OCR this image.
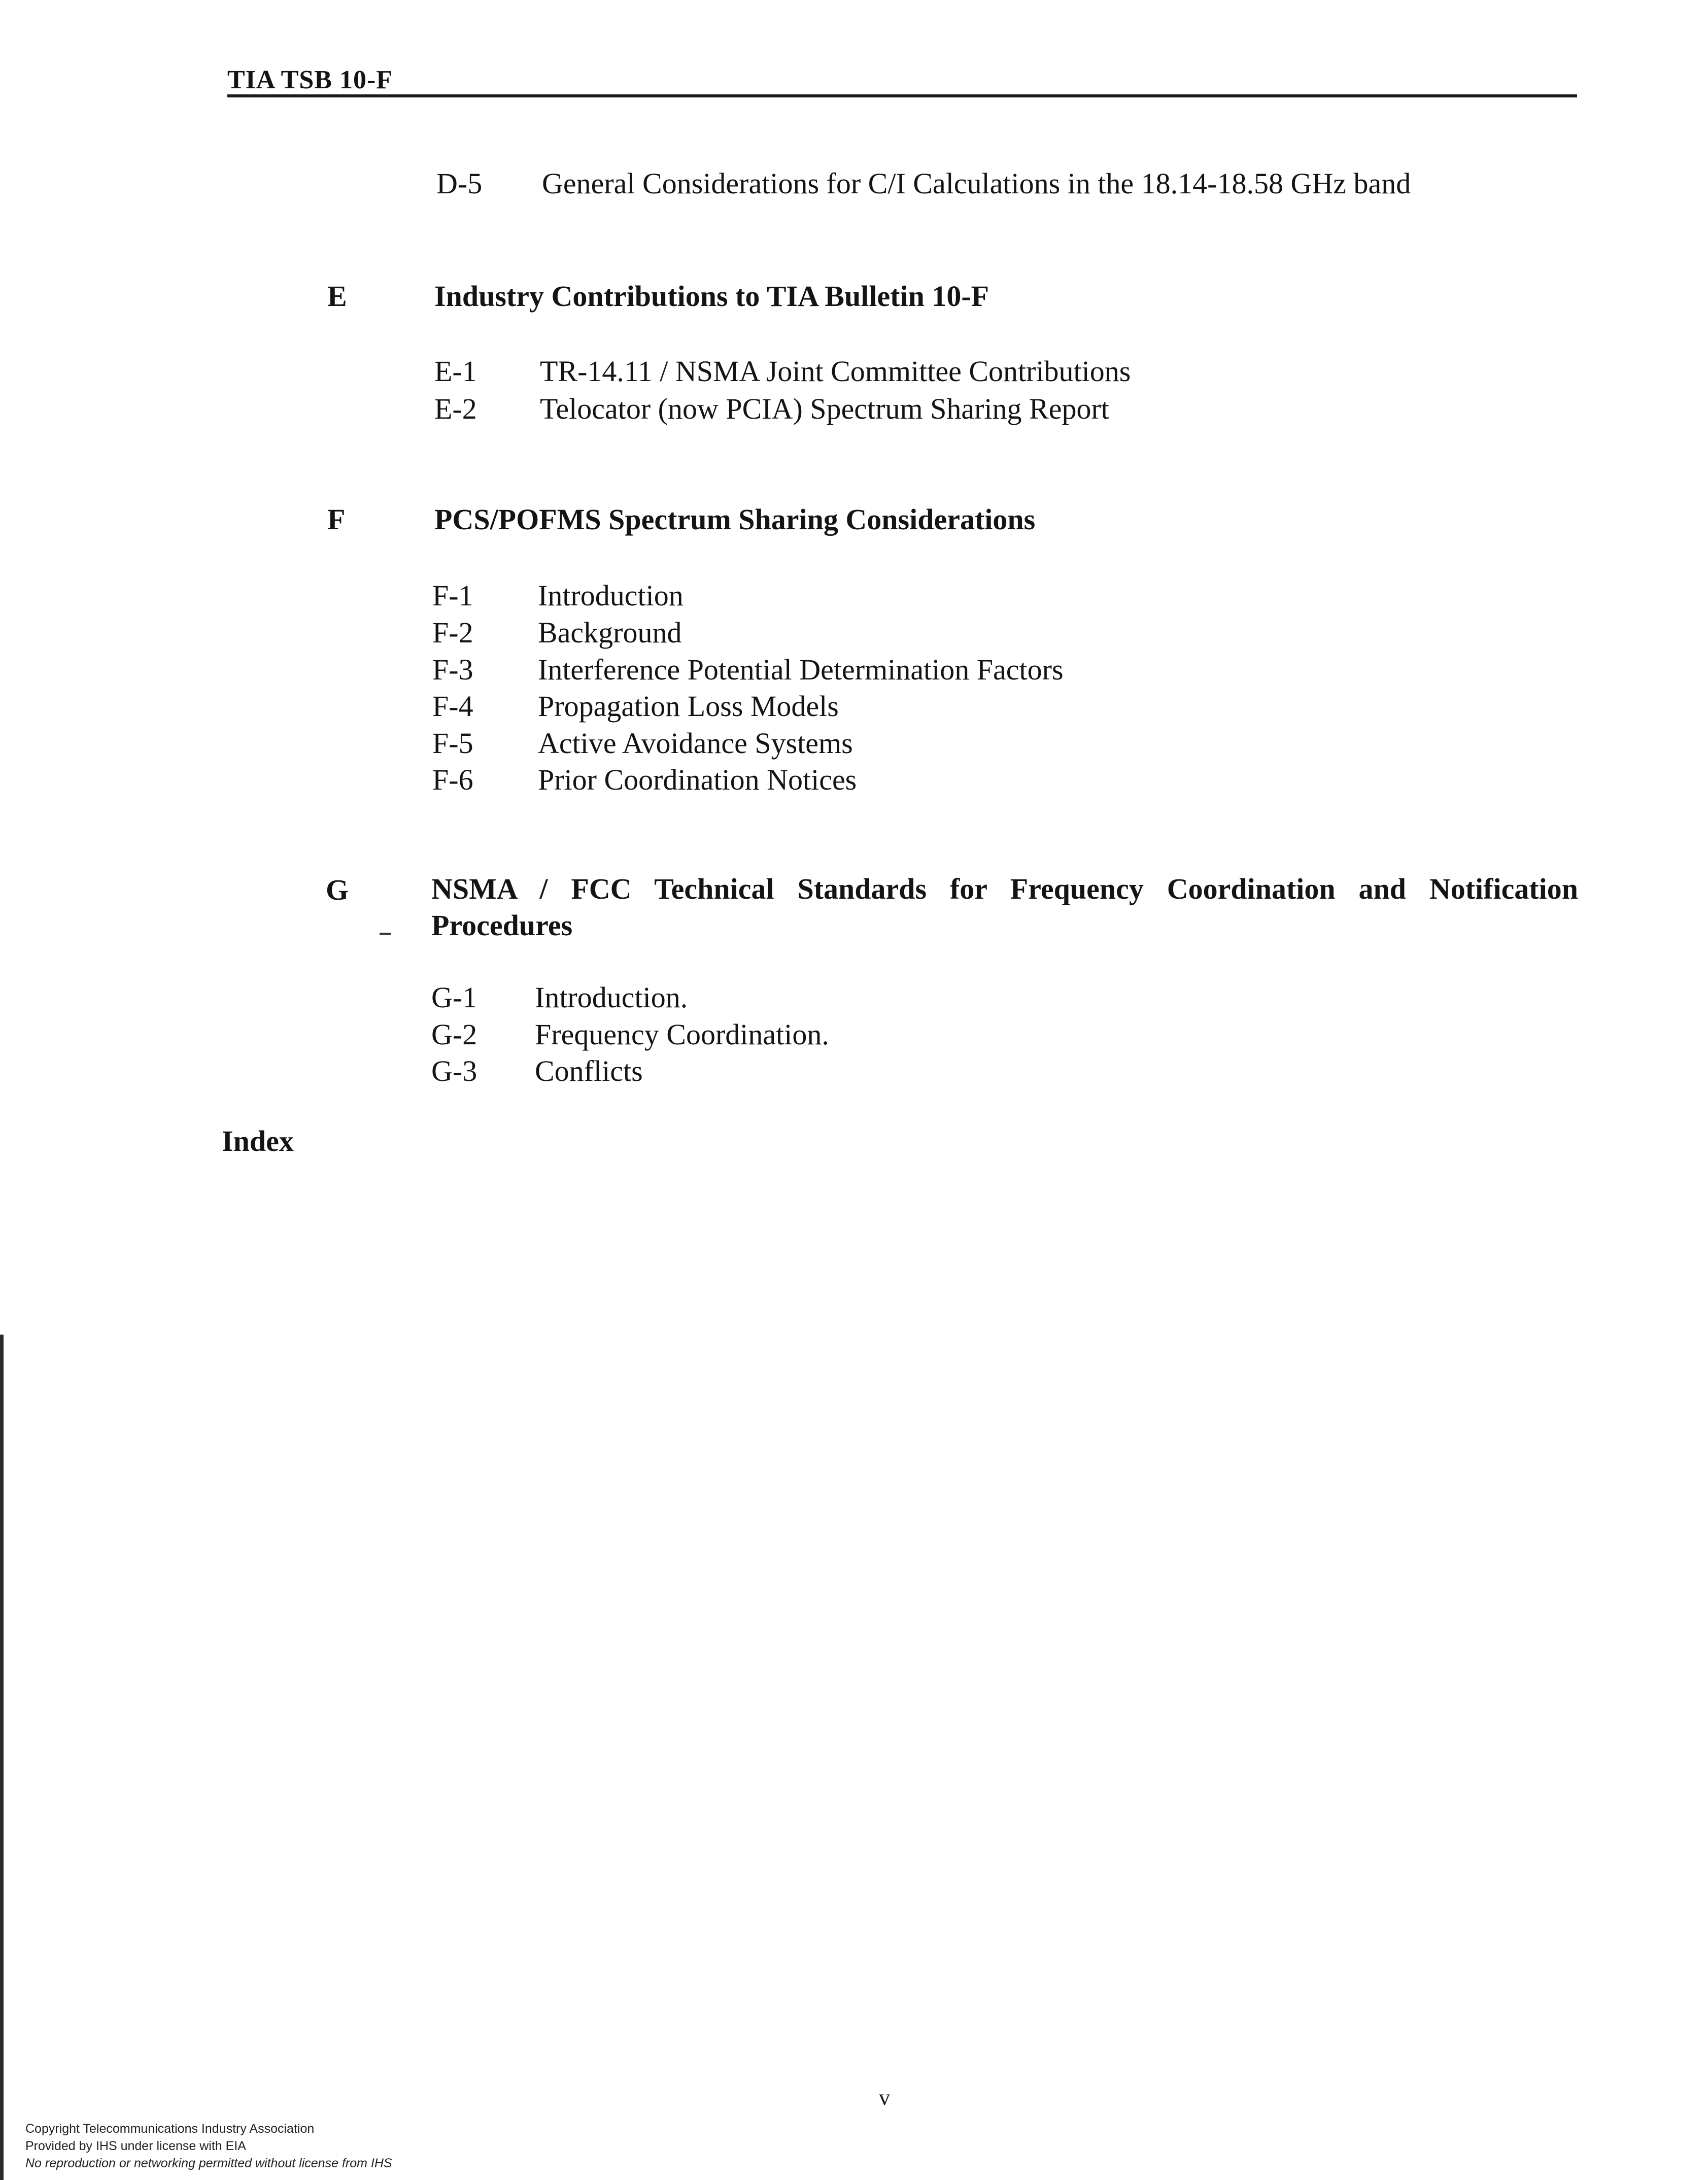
TIA TSB 10-F
D-5 General Considerations for C/I Calculations in the 18.14-18.58 GHz band
E	Industry Contributions to TIA Bulletin 10-F
E-1 TR-14.11 / NSMA Joint Committee Contributions
E-2 Telocator (now PCIA) Spectrum Sharing Report
F	PCS/POFMS Spectrum Sharing Considerations
F-1 Introduction
F-2 Background
F-3 Interference Potential Determination Factors
F-4 Propagation Loss Models
F-5 Active Avoidance Systems
F-6 Prior Coordination Notices
G	NSMA / FCC Technical Standards for Frequency Coordination and Notification
Procedures
G-1 Introduction.
G-2 Frequency Coordination.
G-3 Conflicts
Index
v
Copyright Telecommunications Industry Association
Provided by IHS under license with EIA
No reproduction or networking permitted without license from IHS
